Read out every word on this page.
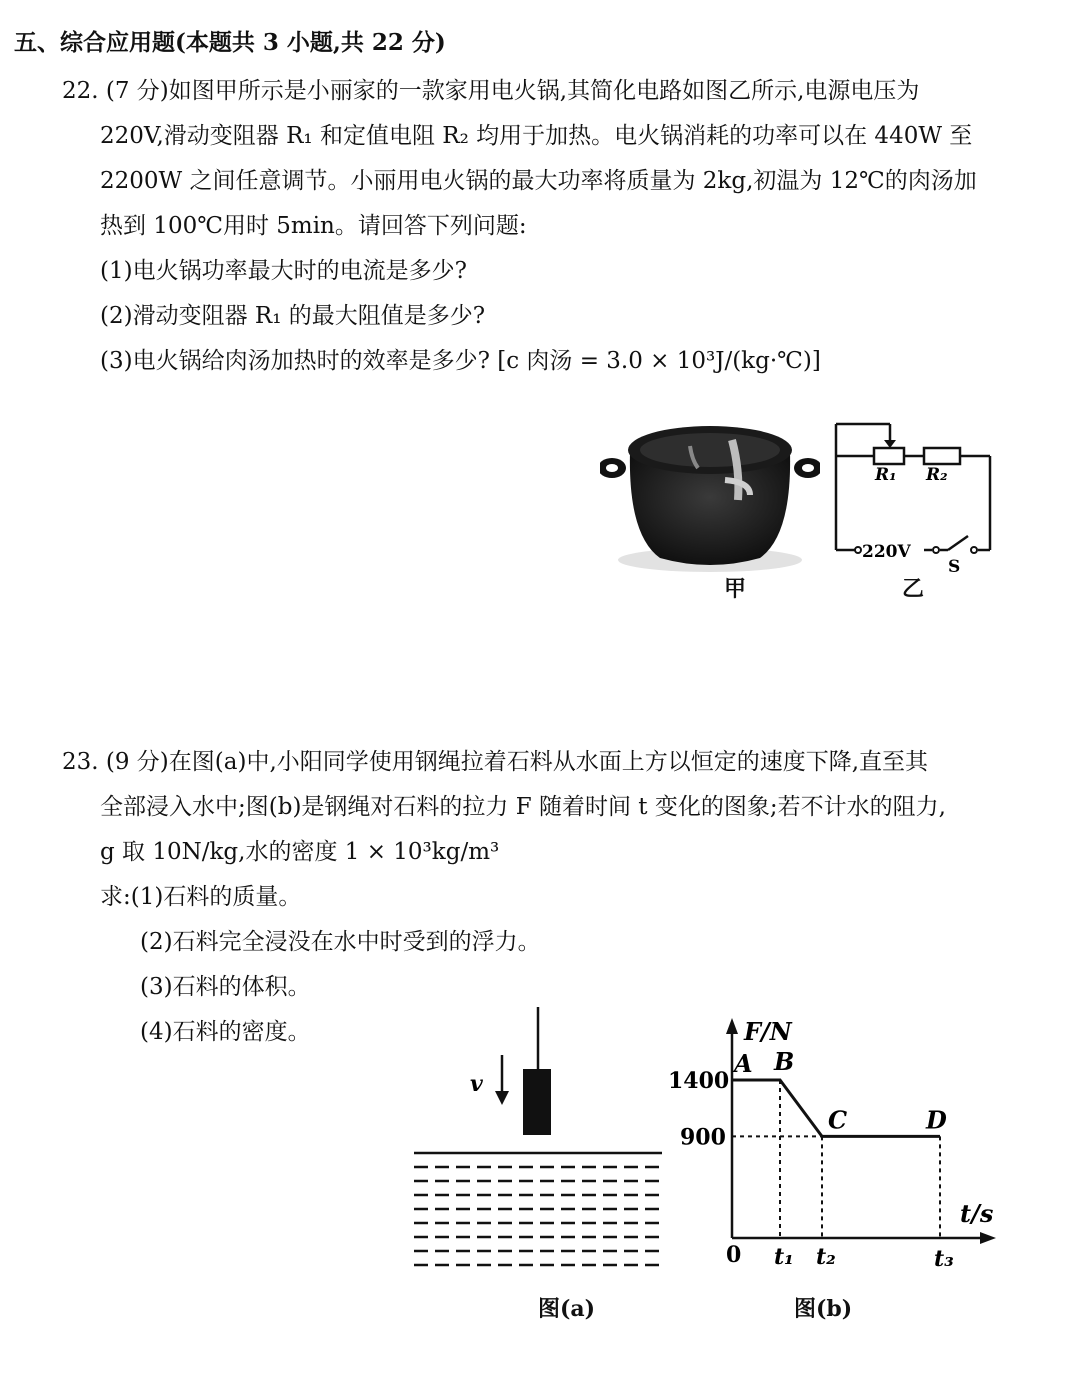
五、综合应用题(本题共 3 小题,共 22 分)
22. (7 分)如图甲所示是小丽家的一款家用电火锅,其简化电路如图乙所示,电源电压为
220V,滑动变阻器 R₁ 和定值电阻 R₂ 均用于加热。电火锅消耗的功率可以在 440W 至
2200W 之间任意调节。小丽用电火锅的最大功率将质量为 2kg,初温为 12℃的肉汤加
热到 100℃用时 5min。请回答下列问题:
(1)电火锅功率最大时的电流是多少?
(2)滑动变阻器 R₁ 的最大阻值是多少?
(3)电火锅给肉汤加热时的效率是多少? [c 肉汤 = 3.0 × 10³J/(kg·℃)]
甲
R₁ R₂
220V
S
乙
23. (9 分)在图(a)中,小阳同学使用钢绳拉着石料从水面上方以恒定的速度下降,直至其
全部浸入水中;图(b)是钢绳对石料的拉力 F 随着时间 t 变化的图象;若不计水的阻力,
g 取 10N/kg,水的密度 1 × 10³kg/m³
求:(1)石料的质量。
(2)石料完全浸没在水中时受到的浮力。
(3)石料的体积。
(4)石料的密度。
v
图(a)
1400
900
0 t₁ t₂	t₃
A B
C	D
F/N
t/s
图(b)
